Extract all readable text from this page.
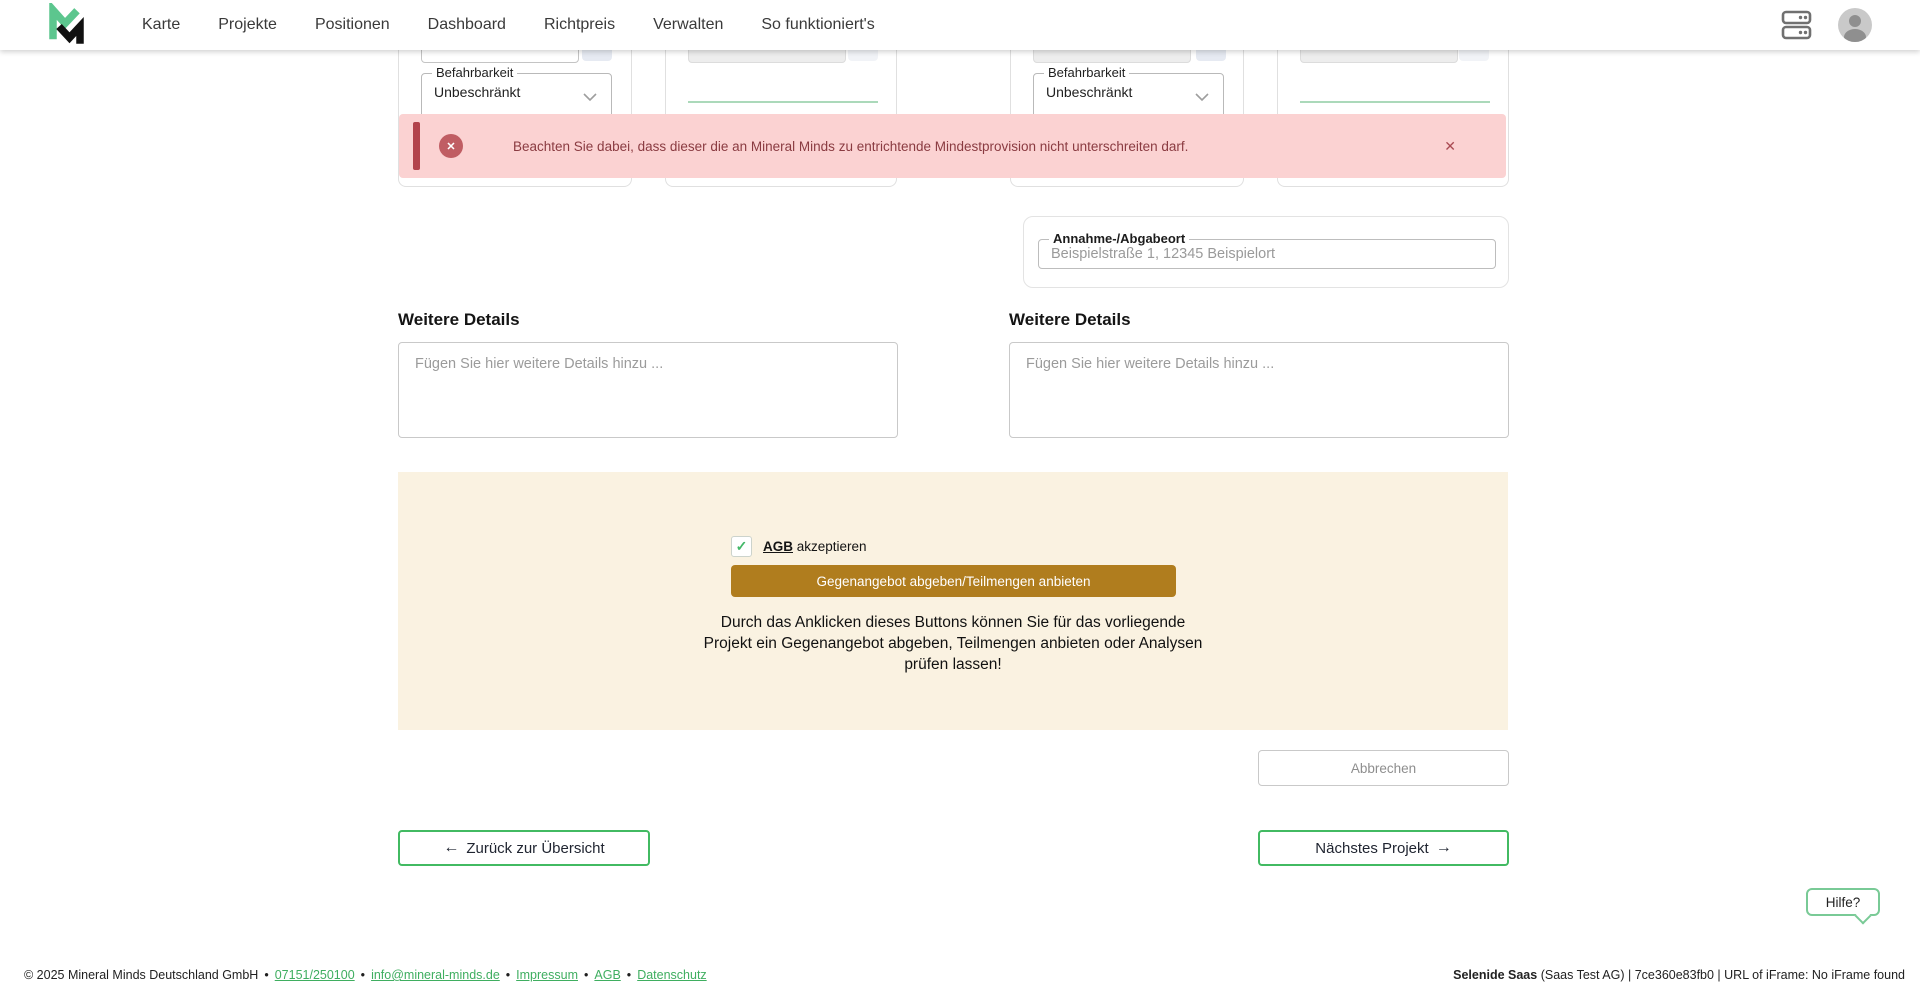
Karte Projekte Positionen Dashboard Richtpreis Verwalten So funktioniert's
Befahrbarkeit
Unbeschränkt
Befahrbarkeit
Unbeschränkt
✕	Beachten Sie dabei, dass dieser die an Mineral Minds zu entrichtende Mindestprovision nicht unterschreiten darf.	✕
Annahme-/Abgabeort
Beispielstraße 1, 12345 Beispielort
Weitere Details	Weitere Details
Fügen Sie hier weitere Details hinzu ...
Fügen Sie hier weitere Details hinzu ...
✓	AGB akzeptieren
Gegenangebot abgeben/Teilmengen anbieten
Durch das Anklicken dieses Buttons können Sie für das vorliegende Projekt ein Gegenangebot abgeben, Teilmengen anbieten oder Analysen prüfen lassen!
Abbrechen
← Zurück zur Übersicht	Nächstes Projekt →
Hilfe?
© 2025 Mineral Minds Deutschland GmbH • 07151/250100 • info@mineral-minds.de • Impressum • AGB • Datenschutz	Selenide Saas (Saas Test AG) | 7ce360e83fb0 | URL of iFrame: No iFrame found
